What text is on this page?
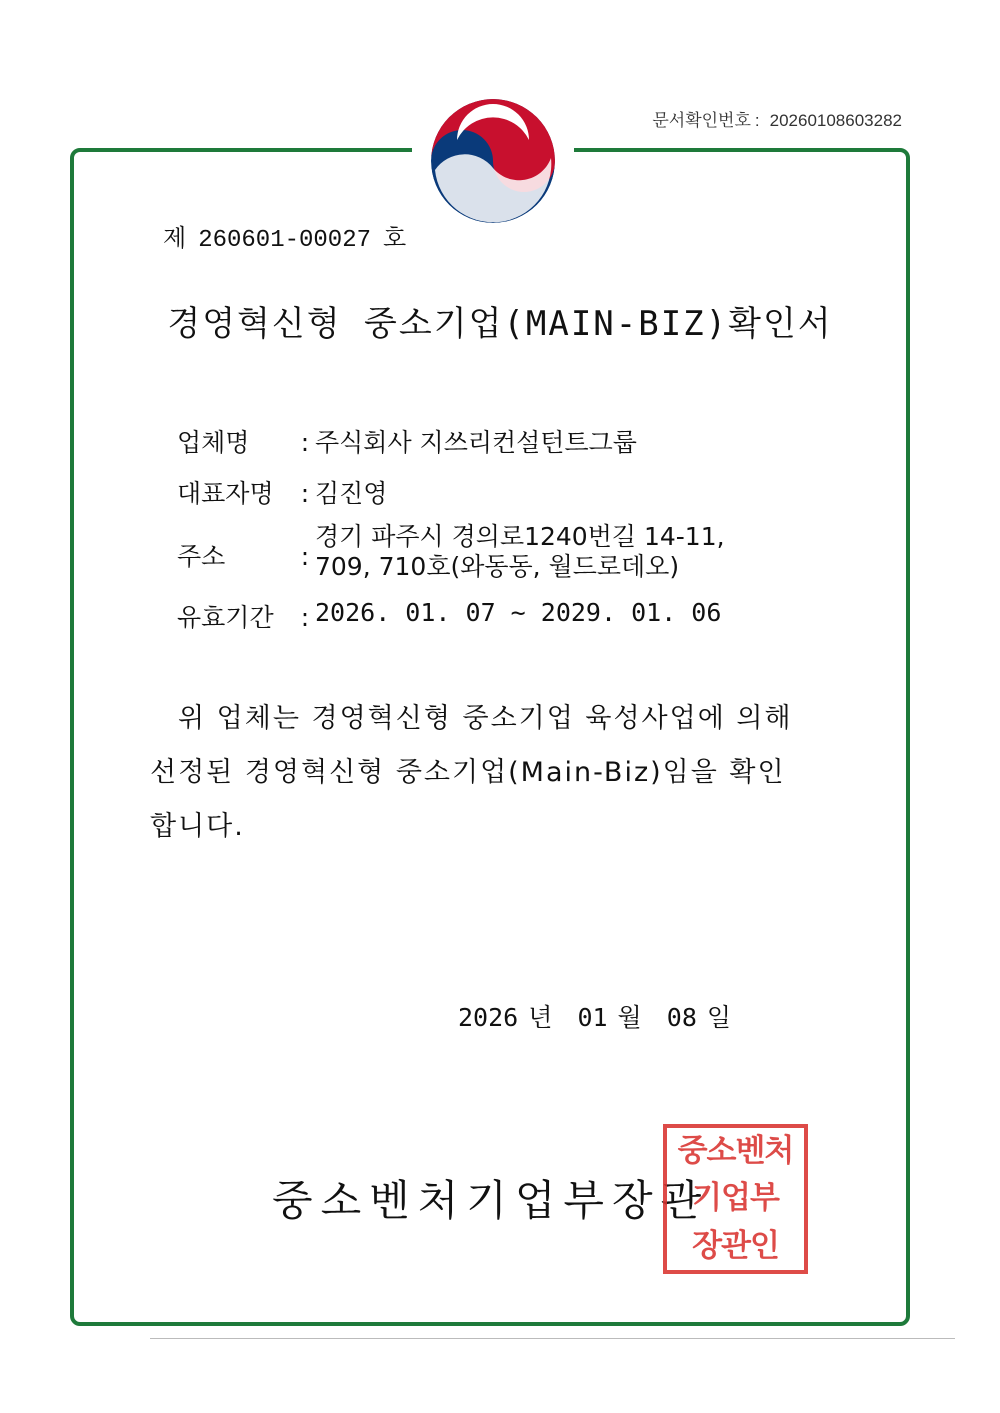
문서확인번호 : 20260108603282
제 260601-00027 호
경영혁신형 중소기업(MAIN-BIZ)확인서
업체명 : 주식회사 지쓰리컨설턴트그룹
대표자명 : 김진영
주소	:경기 파주시 경의로1240번길 14-11,
709, 710호(와동동, 월드로데오)
유효기간 : 2026. 01. 07 ~ 2029. 01. 06
위 업체는 경영혁신형 중소기업 육성사업에 의해
선정된 경영혁신형 중소기업(Main-Biz)임을 확인
합니다.
2026 년 01 월 08 일
중소벤처기업부장관
중소벤처
기업부
장관인
